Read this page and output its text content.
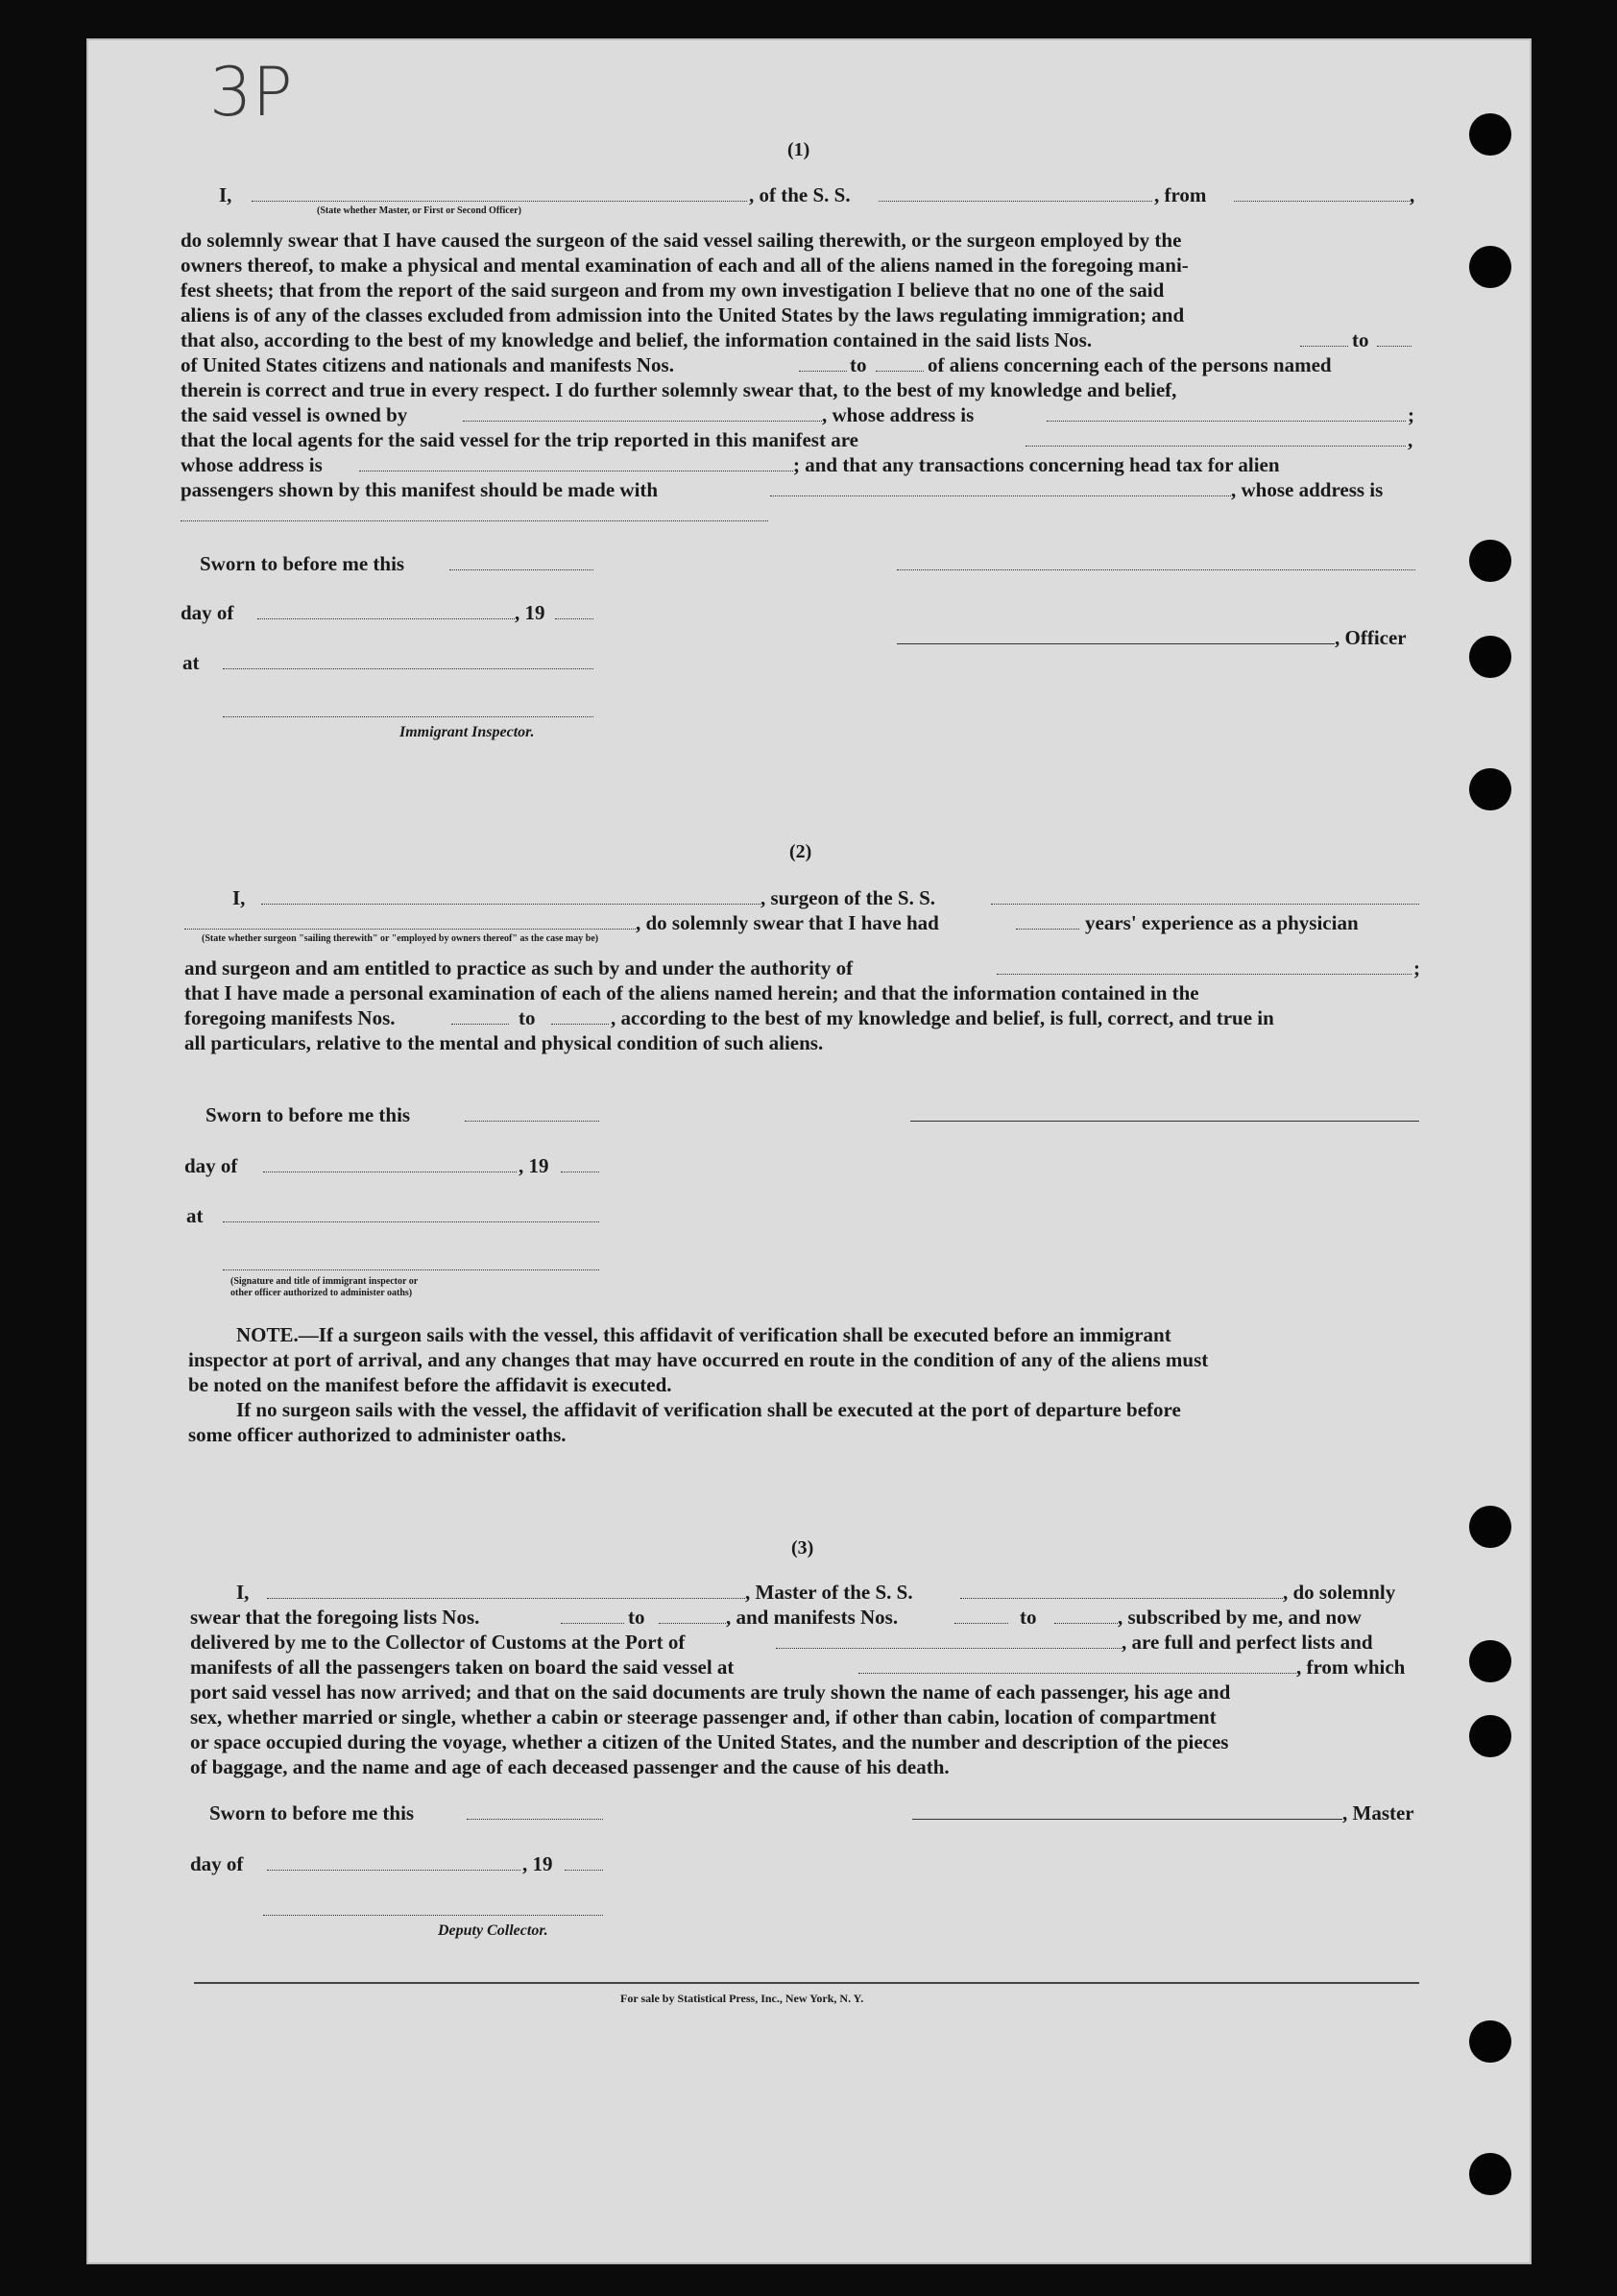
3P
(1)
I,	, of the S. S.	, from	,
(State whether Master, or First or Second Officer)
do solemnly swear that I have caused the surgeon of the said vessel sailing therewith, or the surgeon employed by the
owners thereof, to make a physical and mental examination of each and all of the aliens named in the foregoing mani-
fest sheets; that from the report of the said surgeon and from my own investigation I believe that no one of the said
aliens is of any of the classes excluded from admission into the United States by the laws regulating immigration; and
that also, according to the best of my knowledge and belief, the information contained in the said lists Nos.	to
of United States citizens and nationals and manifests Nos.	to	of aliens concerning each of the persons named
therein is correct and true in every respect. I do further solemnly swear that, to the best of my knowledge and belief,
the said vessel is owned by	, whose address is	;
that the local agents for the said vessel for the trip reported in this manifest are	,
whose address is	; and that any transactions concerning head tax for alien
passengers shown by this manifest should be made with	, whose address is
Sworn to before me this
day of	, 19
, Officer
at
Immigrant Inspector.
(2)
I,	, surgeon of the S. S.
, do solemnly swear that I have had	years' experience as a physician
(State whether surgeon "sailing therewith" or "employed by owners thereof" as the case may be)
and surgeon and am entitled to practice as such by and under the authority of	;
that I have made a personal examination of each of the aliens named herein; and that the information contained in the
foregoing manifests Nos.	to	, according to the best of my knowledge and belief, is full, correct, and true in
all particulars, relative to the mental and physical condition of such aliens.
Sworn to before me this
day of	, 19
at
(Signature and title of immigrant inspector or
other officer authorized to administer oaths)
NOTE.—If a surgeon sails with the vessel, this affidavit of verification shall be executed before an immigrant
inspector at port of arrival, and any changes that may have occurred en route in the condition of any of the aliens must
be noted on the manifest before the affidavit is executed.
If no surgeon sails with the vessel, the affidavit of verification shall be executed at the port of departure before
some officer authorized to administer oaths.
(3)
I,	, Master of the S. S.	, do solemnly
swear that the foregoing lists Nos.	to	, and manifests Nos.	to	, subscribed by me, and now
delivered by me to the Collector of Customs at the Port of	, are full and perfect lists and
manifests of all the passengers taken on board the said vessel at	, from which
port said vessel has now arrived; and that on the said documents are truly shown the name of each passenger, his age and
sex, whether married or single, whether a cabin or steerage passenger and, if other than cabin, location of compartment
or space occupied during the voyage, whether a citizen of the United States, and the number and description of the pieces
of baggage, and the name and age of each deceased passenger and the cause of his death.
Sworn to before me this	, Master
day of	, 19
Deputy Collector.
For sale by Statistical Press, Inc., New York, N. Y.
